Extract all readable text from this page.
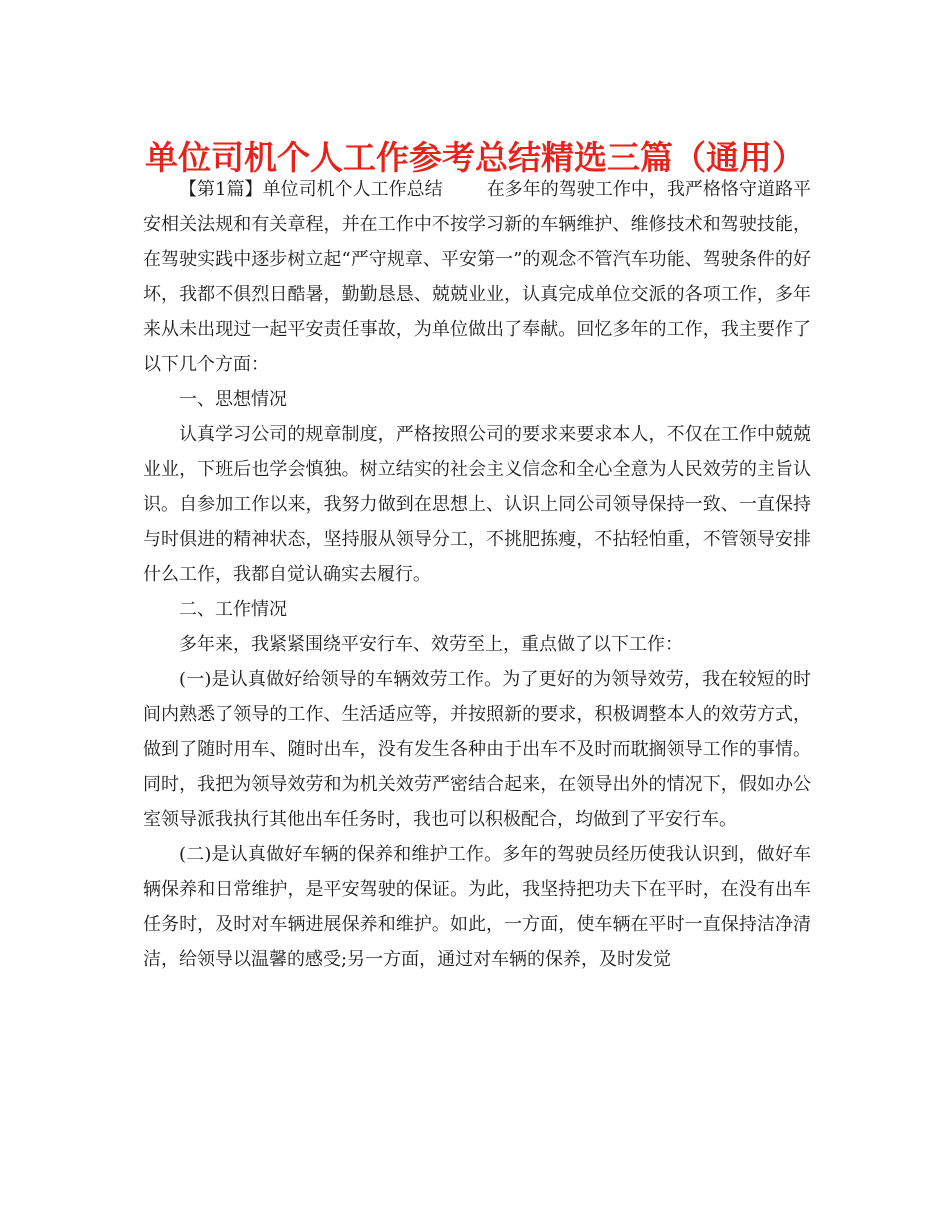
单位司机个人工作参考总结精选三篇（通用）

【第1篇】单位司机个人工作总结 在多年的驾驶工作中，我严格恪守道路平安相关法规和有关章程，并在工作中不按学习新的车辆维护、维修技术和驾驶技能，在驾驶实践中逐步树立起“严守规章、平安第一”的观念不管汽车功能、驾驶条件的好坏，我都不俱烈日酷暑，勤勤恳恳、兢兢业业，认真完成单位交派的各项工作，多年来从未出现过一起平安责任事故，为单位做出了奉献。回忆多年的工作，我主要作了以下几个方面：

一、思想情况

认真学习公司的规章制度，严格按照公司的要求来要求本人，不仅在工作中兢兢业业，下班后也学会慎独。树立结实的社会主义信念和全心全意为人民效劳的主旨认识。自参加工作以来，我努力做到在思想上、认识上同公司领导保持一致、一直保持与时俱进的精神状态，坚持服从领导分工，不挑肥拣瘦，不拈轻怕重，不管领导安排什么工作，我都自觉认确实去履行。

二、工作情况

多年来，我紧紧围绕平安行车、效劳至上，重点做了以下工作：

(一)是认真做好给领导的车辆效劳工作。为了更好的为领导效劳，我在较短的时间内熟悉了领导的工作、生活适应等，并按照新的要求，积极调整本人的效劳方式，做到了随时用车、随时出车，没有发生各种由于出车不及时而耽搁领导工作的事情。同时，我把为领导效劳和为机关效劳严密结合起来，在领导出外的情况下，假如办公室领导派我执行其他出车任务时，我也可以积极配合，均做到了平安行车。

(二)是认真做好车辆的保养和维护工作。多年的驾驶员经历使我认识到，做好车辆保养和日常维护，是平安驾驶的保证。为此，我坚持把功夫下在平时，在没有出车任务时，及时对车辆进展保养和维护。如此，一方面，使车辆在平时一直保持洁净清洁，给领导以温馨的感受;另一方面，通过对车辆的保养，及时发觉
